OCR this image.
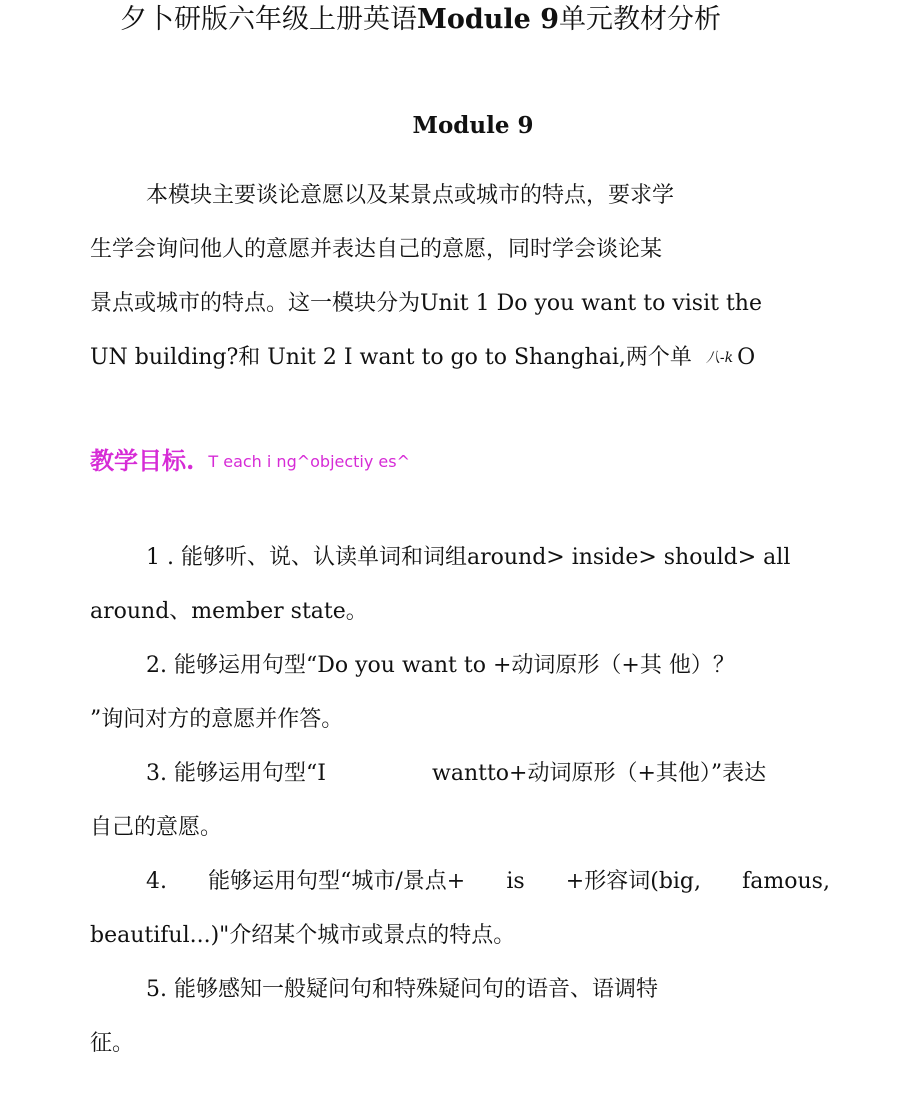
夕卜研版六年级上册英语Module 9单元教材分析
Module 9
本模块主要谈论意愿以及某景点或城市的特点，要求学
生学会询问他人的意愿并表达自己的意愿，同时学会谈论某
景点或城市的特点。这一模块分为Unit 1 Do you want to visit the
UN building?和 Unit 2 I want to go to Shanghai,两个单 八-k O
教学目标. T each i ng^objectiy es^
1 . 能够听、说、认读单词和词组around> inside> should> all
around、member state。
2. 能够运用句型“Do you want to +动词原形（+其 他）？
”询问对方的意愿并作答。
3. 能够运用句型“I	wantto+动词原形（+其他）”表达
自己的意愿。
4. 能够运用句型“城市/景点+ is +形容词(big, famous,
beautiful...)"介绍某个城市或景点的特点。
5. 能够感知一般疑问句和特殊疑问句的语音、语调特
征。
